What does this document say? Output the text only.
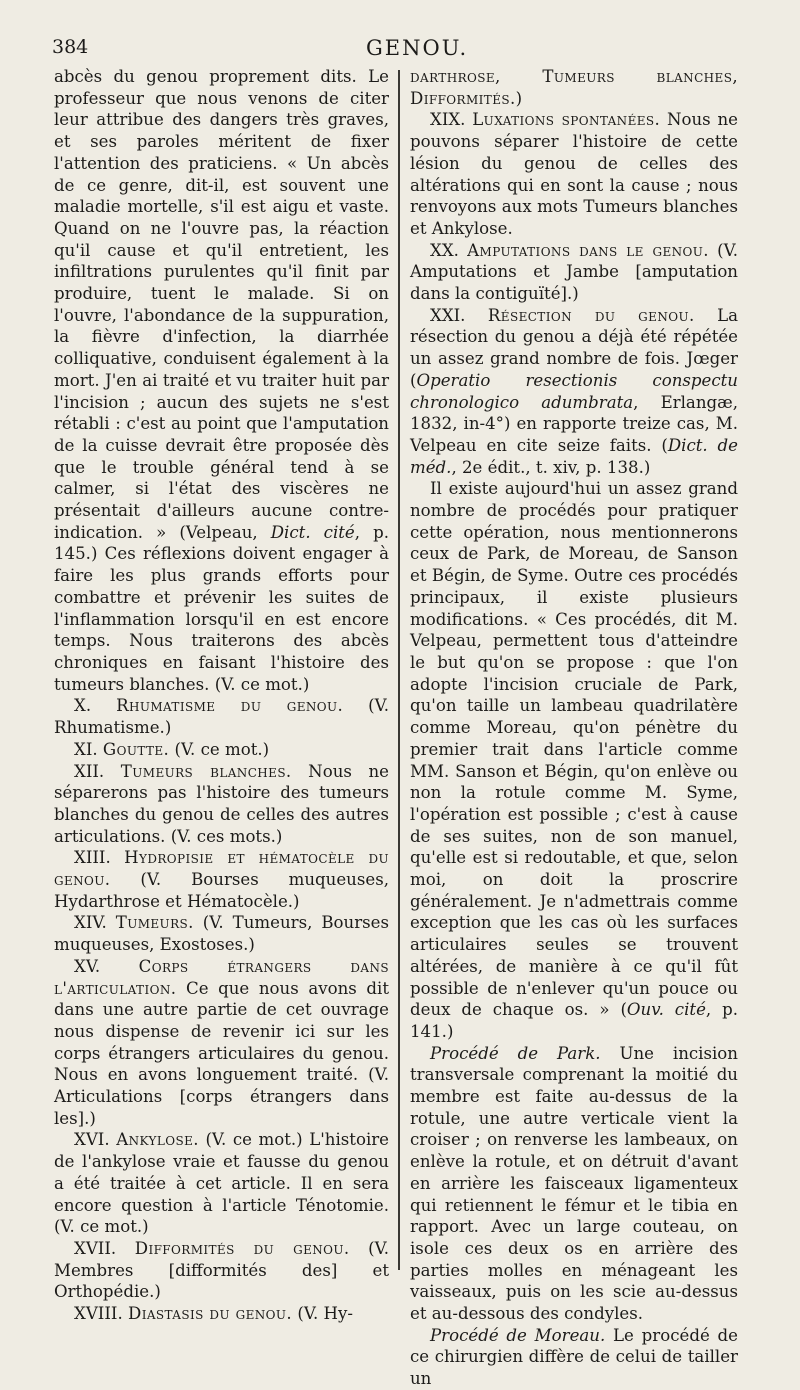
384	GENOU.

abcès du genou proprement dits. Le professeur que nous venons de citer leur attribue des dangers très graves, et ses paroles méritent de fixer l'attention des praticiens. « Un abcès de ce genre, dit-il, est souvent une maladie mortelle, s'il est aigu et vaste. Quand on ne l'ouvre pas, la réaction qu'il cause et qu'il entretient, les infiltrations purulentes qu'il finit par produire, tuent le malade. Si on l'ouvre, l'abondance de la suppuration, la fièvre d'infection, la diarrhée colliquative, conduisent également à la mort. J'en ai traité et vu traiter huit par l'incision ; aucun des sujets ne s'est rétabli : c'est au point que l'amputation de la cuisse devrait être proposée dès que le trouble général tend à se calmer, si l'état des viscères ne présentait d'ailleurs aucune contre-indication. » (Velpeau, Dict. cité, p. 145.) Ces réflexions doivent engager à faire les plus grands efforts pour combattre et prévenir les suites de l'inflammation lorsqu'il en est encore temps. Nous traiterons des abcès chroniques en faisant l'histoire des tumeurs blanches. (V. ce mot.)

X. Rhumatisme du genou. (V. Rhumatisme.)

XI. Goutte. (V. ce mot.)

XII. Tumeurs blanches. Nous ne séparerons pas l'histoire des tumeurs blanches du genou de celles des autres articulations. (V. ces mots.)

XIII. Hydropisie et hématocèle du genou. (V. Bourses muqueuses, Hydarthrose et Hématocèle.)

XIV. Tumeurs. (V. Tumeurs, Bourses muqueuses, Exostoses.)

XV. Corps étrangers dans l'articulation. Ce que nous avons dit dans une autre partie de cet ouvrage nous dispense de revenir ici sur les corps étrangers articulaires du genou. Nous en avons longuement traité. (V. Articulations [corps étrangers dans les].)

XVI. Ankylose. (V. ce mot.) L'histoire de l'ankylose vraie et fausse du genou a été traitée à cet article. Il en sera encore question à l'article Ténotomie. (V. ce mot.)

XVII. Difformités du genou. (V. Membres [difformités des] et Orthopédie.)

XVIII. Diastasis du genou. (V. Hy-

darthrose, Tumeurs blanches, Difformités.)

XIX. Luxations spontanées. Nous ne pouvons séparer l'histoire de cette lésion du genou de celles des altérations qui en sont la cause ; nous renvoyons aux mots Tumeurs blanches et Ankylose.

XX. Amputations dans le genou. (V. Amputations et Jambe [amputation dans la contiguïté].)

XXI. Résection du genou. La résection du genou a déjà été répétée un assez grand nombre de fois. Jœger (Operatio resectionis conspectu chronologico adumbrata, Erlangæ, 1832, in-4°) en rapporte treize cas, M. Velpeau en cite seize faits. (Dict. de méd., 2e édit., t. xiv, p. 138.)

Il existe aujourd'hui un assez grand nombre de procédés pour pratiquer cette opération, nous mentionnerons ceux de Park, de Moreau, de Sanson et Bégin, de Syme. Outre ces procédés principaux, il existe plusieurs modifications. « Ces procédés, dit M. Velpeau, permettent tous d'atteindre le but qu'on se propose : que l'on adopte l'incision cruciale de Park, qu'on taille un lambeau quadrilatère comme Moreau, qu'on pénètre du premier trait dans l'article comme MM. Sanson et Bégin, qu'on enlève ou non la rotule comme M. Syme, l'opération est possible ; c'est à cause de ses suites, non de son manuel, qu'elle est si redoutable, et que, selon moi, on doit la proscrire généralement. Je n'admettrais comme exception que les cas où les surfaces articulaires seules se trouvent altérées, de manière à ce qu'il fût possible de n'enlever qu'un pouce ou deux de chaque os. » (Ouv. cité, p. 141.)

Procédé de Park. Une incision transversale comprenant la moitié du membre est faite au-dessus de la rotule, une autre verticale vient la croiser ; on renverse les lambeaux, on enlève la rotule, et on détruit d'avant en arrière les faisceaux ligamenteux qui retiennent le fémur et le tibia en rapport. Avec un large couteau, on isole ces deux os en arrière des parties molles en ménageant les vaisseaux, puis on les scie au-dessus et au-dessous des condyles.

Procédé de Moreau. Le procédé de ce chirurgien diffère de celui de tailler un
